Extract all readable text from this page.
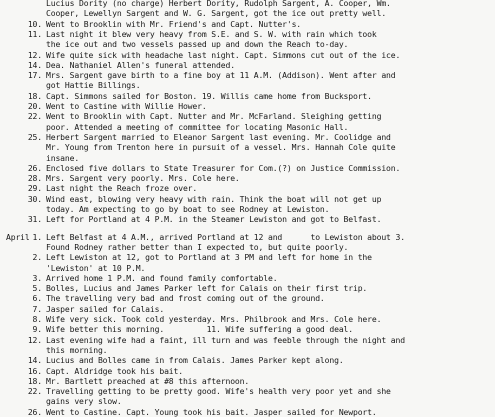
Lucius Dority (no charge) Herbert Dority, Rudolph Sargent, A. Cooper, Wm.
Cooper, Lewellyn Sargent and W. G. Sargent, got the ice out pretty well.
10. Went to Brooklin with Mr. Friend's and Capt. Nutter's.
11. Last night it blew very heavy from S.E. and S. W. with rain which took
the ice out and two vessels passed up and down the Reach to-day.
12. Wife quite sick with headache last night. Capt. Simmons cut out of the ice.
14. Dea. Nathaniel Allen's funeral attended.
17. Mrs. Sargent gave birth to a fine boy at 11 A.M. (Addison). Went after and
got Hattie Billings.
18. Capt. Simmons sailed for Boston. 19. Willis came home from Bucksport.
20. Went to Castine with Willie Hower.
22. Went to Brooklin with Capt. Nutter and Mr. McFarland. Sleighing getting
poor. Attended a meeting of committee for locating Masonic Hall.
25. Herbert Sargent married to Eleanor Sargent last evening. Mr. Coolidge and
Mr. Young from Trenton here in pursuit of a vessel. Mrs. Hannah Cole quite
insane.
26. Enclosed five dollars to State Treasurer for Com.(?) on Justice Commission.
28. Mrs. Sargent very poorly. Mrs. Cole here.
29. Last night the Reach froze over.
30. Wind east, blowing very heavy with rain. Think the boat will not get up
today. Am expecting to go by boat to see Rodney at Lewiston.
31. Left for Portland at 4 P.M. in the Steamer Lewiston and got to Belfast.
April 1. Left Belfast at 4 A.M., arrived Portland at 12 and      to Lewiston about 3.
Found Rodney rather better than I expected to, but quite poorly.
2. Left Lewiston at 12, got to Portland at 3 PM and left for home in the
'Lewiston' at 10 P.M.
3. Arrived home 1 P.M. and found family comfortable.
5. Bolles, Lucius and James Parker left for Calais on their first trip.
6. The travelling very bad and frost coming out of the ground.
7. Jasper sailed for Calais.
8. Wife very sick. Took cold yesterday. Mrs. Philbrook and Mrs. Cole here.
9. Wife better this morning.         11. Wife suffering a good deal.
12. Last evening wife had a faint, ill turn and was feeble through the night and
this morning.
14. Lucius and Bolles came in from Calais. James Parker kept along.
16. Capt. Aldridge took his bait.
18. Mr. Bartlett preached at #8 this afternoon.
22. Travelling getting to be pretty good. Wife's health very poor yet and she
gains very slow.
26. Went to Castine. Capt. Young took his bait. Jasper sailed for Newport.
